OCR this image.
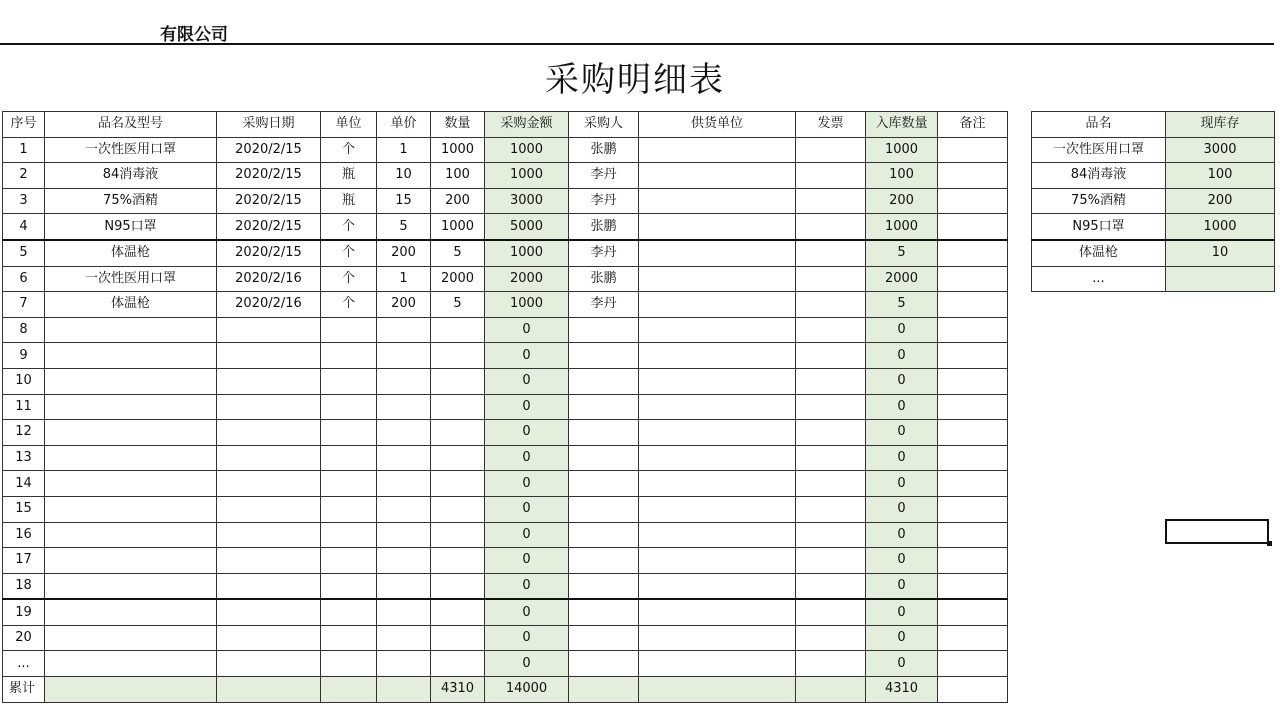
有限公司
采购明细表
序号	品名及型号	采购日期	单位	单价	数量	采购金额	采购人	供货单位	发票	入库数量	备注
1	一次性医用口罩	2020/2/15	个	1	1000	1000	张鹏			1000	
2	84消毒液	2020/2/15	瓶	10	100	1000	李丹			100	
3	75%酒精	2020/2/15	瓶	15	200	3000	李丹			200	
4	N95口罩	2020/2/15	个	5	1000	5000	张鹏			1000	
5	体温枪	2020/2/15	个	200	5	1000	李丹			5	
6	一次性医用口罩	2020/2/16	个	1	2000	2000	张鹏			2000	
7	体温枪	2020/2/16	个	200	5	1000	李丹			5	
8						0				0	
9						0				0	
10						0				0	
11						0				0	
12						0				0	
13						0				0	
14						0				0	
15						0				0	
16						0				0	
17						0				0	
18						0				0	
19						0				0	
20						0				0	
...						0				0	
累计					4310	14000				4310	
品名	现库存
一次性医用口罩	3000
84消毒液	100
75%酒精	200
N95口罩	1000
体温枪	10
...	
